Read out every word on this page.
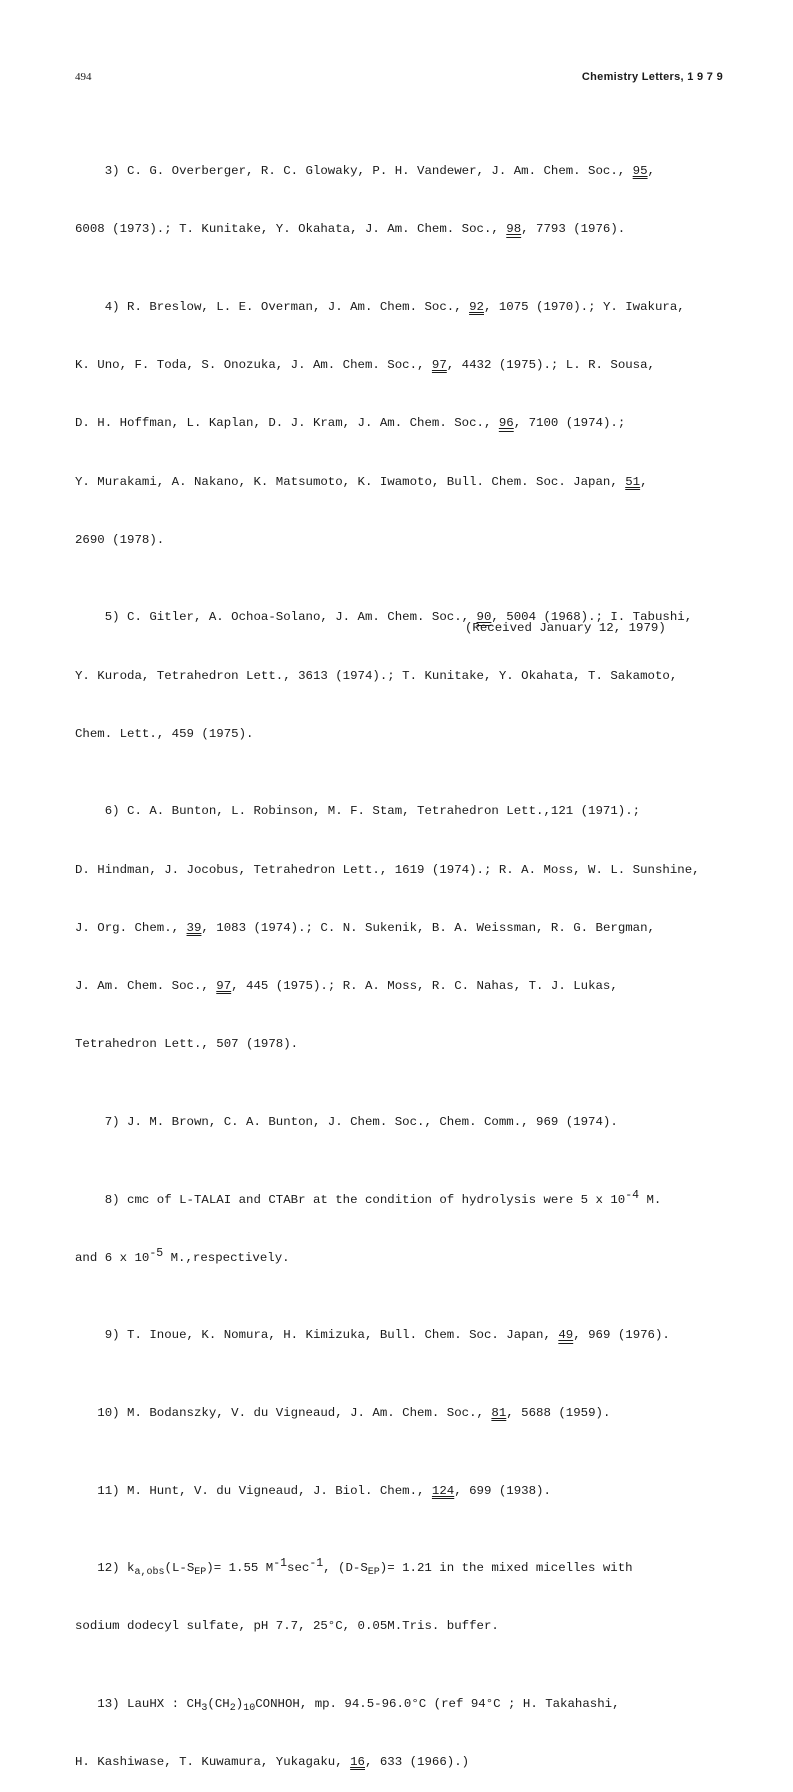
494	Chemistry Letters, 1 9 7 9

3) C. G. Overberger, R. C. Glowaky, P. H. Vandewer, J. Am. Chem. Soc., 95,

6008 (1973).; T. Kunitake, Y. Okahata, J. Am. Chem. Soc., 98, 7793 (1976).

4) R. Breslow, L. E. Overman, J. Am. Chem. Soc., 92, 1075 (1970).; Y. Iwakura,

K. Uno, F. Toda, S. Onozuka, J. Am. Chem. Soc., 97, 4432 (1975).; L. R. Sousa,

D. H. Hoffman, L. Kaplan, D. J. Kram, J. Am. Chem. Soc., 96, 7100 (1974).;

Y. Murakami, A. Nakano, K. Matsumoto, K. Iwamoto, Bull. Chem. Soc. Japan, 51,

2690 (1978).

5) C. Gitler, A. Ochoa-Solano, J. Am. Chem. Soc., 90, 5004 (1968).; I. Tabushi,

Y. Kuroda, Tetrahedron Lett., 3613 (1974).; T. Kunitake, Y. Okahata, T. Sakamoto,

Chem. Lett., 459 (1975).

6) C. A. Bunton, L. Robinson, M. F. Stam, Tetrahedron Lett.,121 (1971).;

D. Hindman, J. Jocobus, Tetrahedron Lett., 1619 (1974).; R. A. Moss, W. L. Sunshine,

J. Org. Chem., 39, 1083 (1974).; C. N. Sukenik, B. A. Weissman, R. G. Bergman,

J. Am. Chem. Soc., 97, 445 (1975).; R. A. Moss, R. C. Nahas, T. J. Lukas,

Tetrahedron Lett., 507 (1978).

7) J. M. Brown, C. A. Bunton, J. Chem. Soc., Chem. Comm., 969 (1974).

8) cmc of L-TALAI and CTABr at the condition of hydrolysis were 5 x 10-4 M.

and 6 x 10-5 M.,respectively.

9) T. Inoue, K. Nomura, H. Kimizuka, Bull. Chem. Soc. Japan, 49, 969 (1976).

10) M. Bodanszky, V. du Vigneaud, J. Am. Chem. Soc., 81, 5688 (1959).

11) M. Hunt, V. du Vigneaud, J. Biol. Chem., 124, 699 (1938).

12) $k_{a,obs}(L-S_{EP})= 1.55$ M-1sec-1, $(D-S_{EP})= 1.21$ in the mixed micelles with

sodium dodecyl sulfate, pH 7.7, 25°C, 0.05M.Tris. buffer.

13) LauHX : $CH_3(CH_2)_{10}CONHOH$, mp. 94.5-96.0°C (ref 94°C ; H. Takahashi,

H. Kashiwase, T. Kuwamura, Yukagaku, 16, 633 (1966).)

(Received January 12, 1979)
